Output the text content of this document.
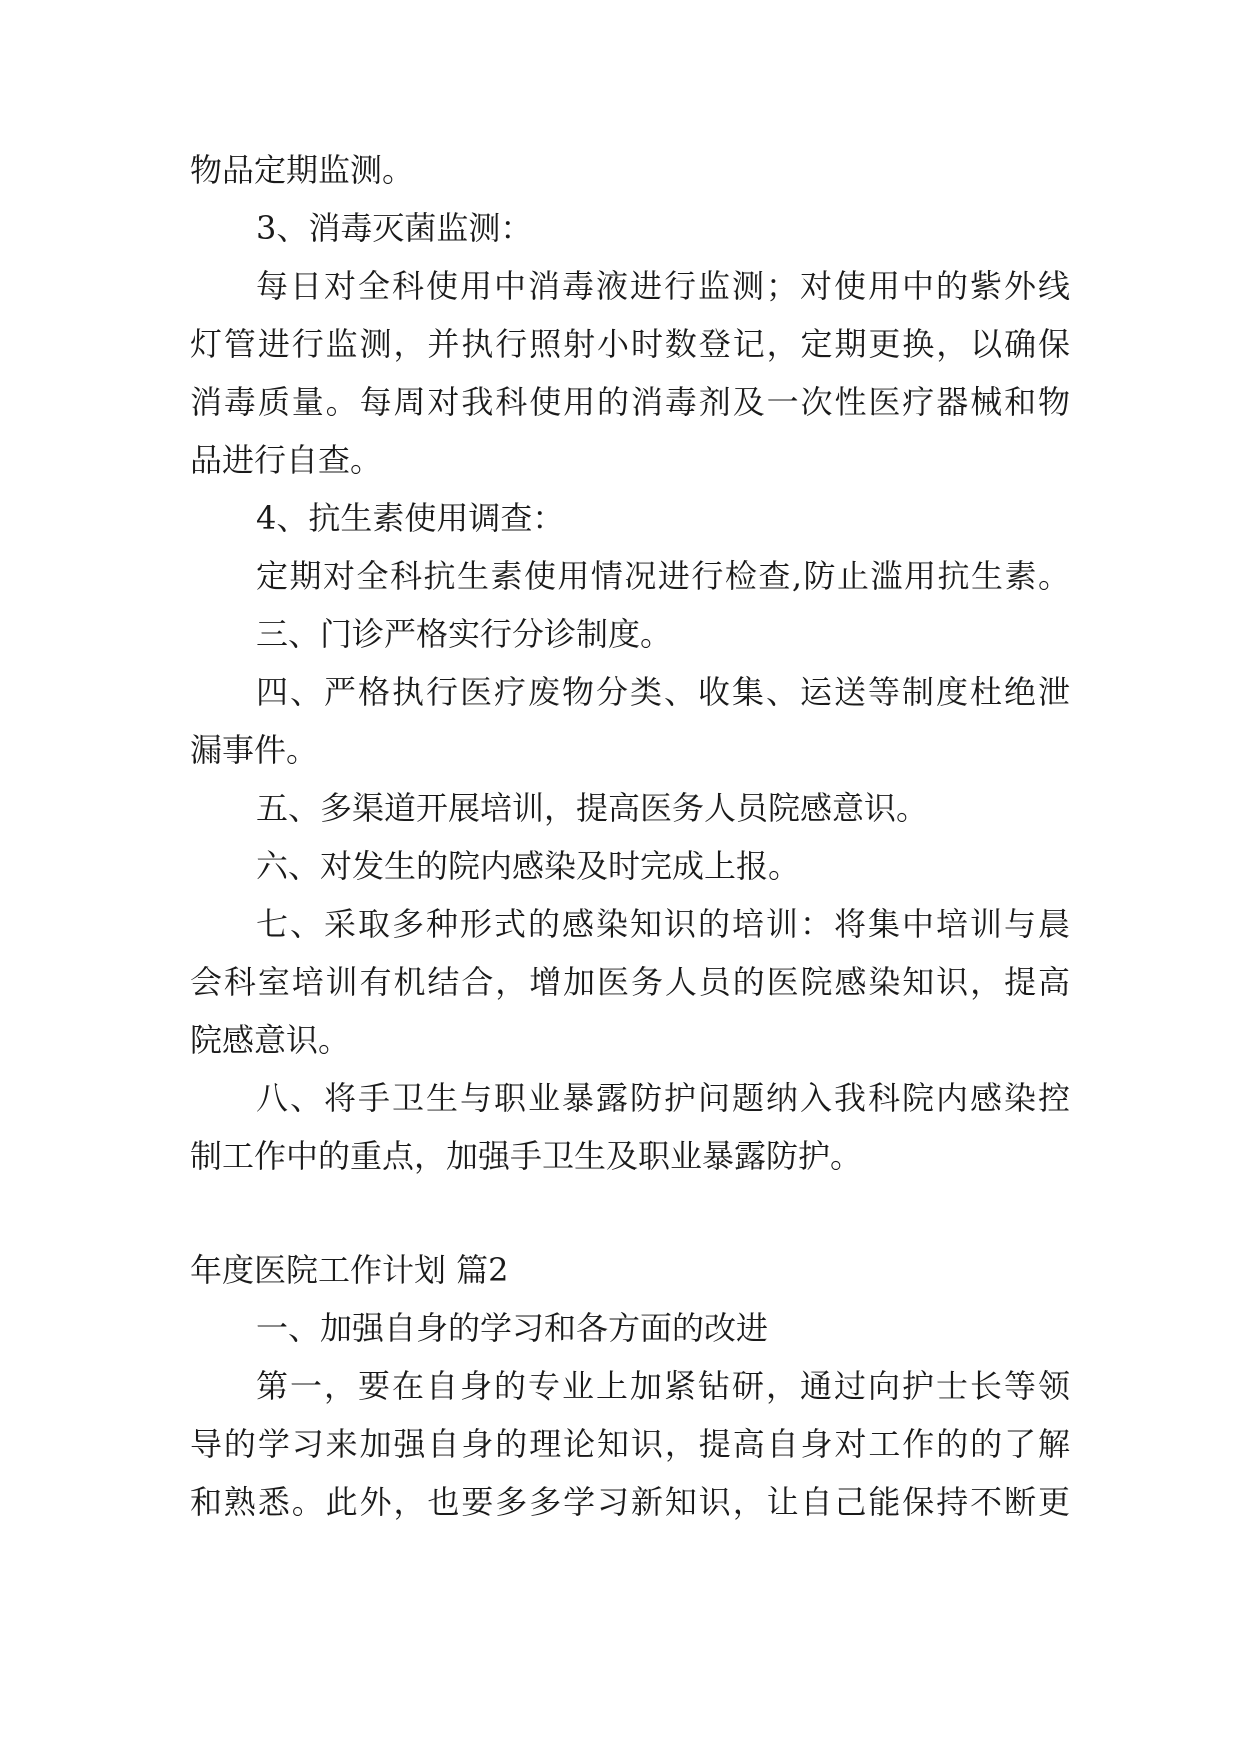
物品定期监测。
3、消毒灭菌监测：
每日对全科使用中消毒液进行监测；对使用中的紫外线
灯管进行监测，并执行照射小时数登记，定期更换，以确保
消毒质量。每周对我科使用的消毒剂及一次性医疗器械和物
品进行自查。
4、抗生素使用调查：
定期对全科抗生素使用情况进行检查,防止滥用抗生素。
三、门诊严格实行分诊制度。
四、严格执行医疗废物分类、收集、运送等制度杜绝泄
漏事件。
五、多渠道开展培训，提高医务人员院感意识。
六、对发生的院内感染及时完成上报。
七、采取多种形式的感染知识的培训：将集中培训与晨
会科室培训有机结合，增加医务人员的医院感染知识，提高
院感意识。
八、将手卫生与职业暴露防护问题纳入我科院内感染控
制工作中的重点，加强手卫生及职业暴露防护。
年度医院工作计划 篇2
一、加强自身的学习和各方面的改进
第一，要在自身的专业上加紧钻研，通过向护士长等领
导的学习来加强自身的理论知识，提高自身对工作的的了解
和熟悉。此外，也要多多学习新知识，让自己能保持不断更
